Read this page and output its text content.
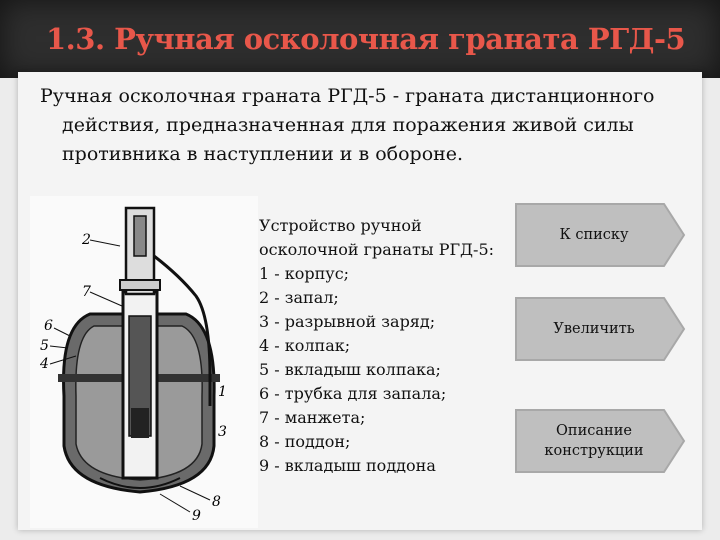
1.3. Ручная осколочная граната РГД-5
Ручная осколочная граната РГД-5 - граната дистанционного действия, предназначенная для поражения живой силы противника в наступлении и в обороне.
2
7
6
5
4
1
3
8
9
Устройство ручной
осколочной гранаты РГД-5:
1 - корпус;
2 - запал;
3 - разрывной заряд;
4 - колпак;
5 - вкладыш колпака;
6 - трубка для запала;
7 - манжета;
8 - поддон;
9 - вкладыш поддона
К списку
Увеличить
Описание конструкции
